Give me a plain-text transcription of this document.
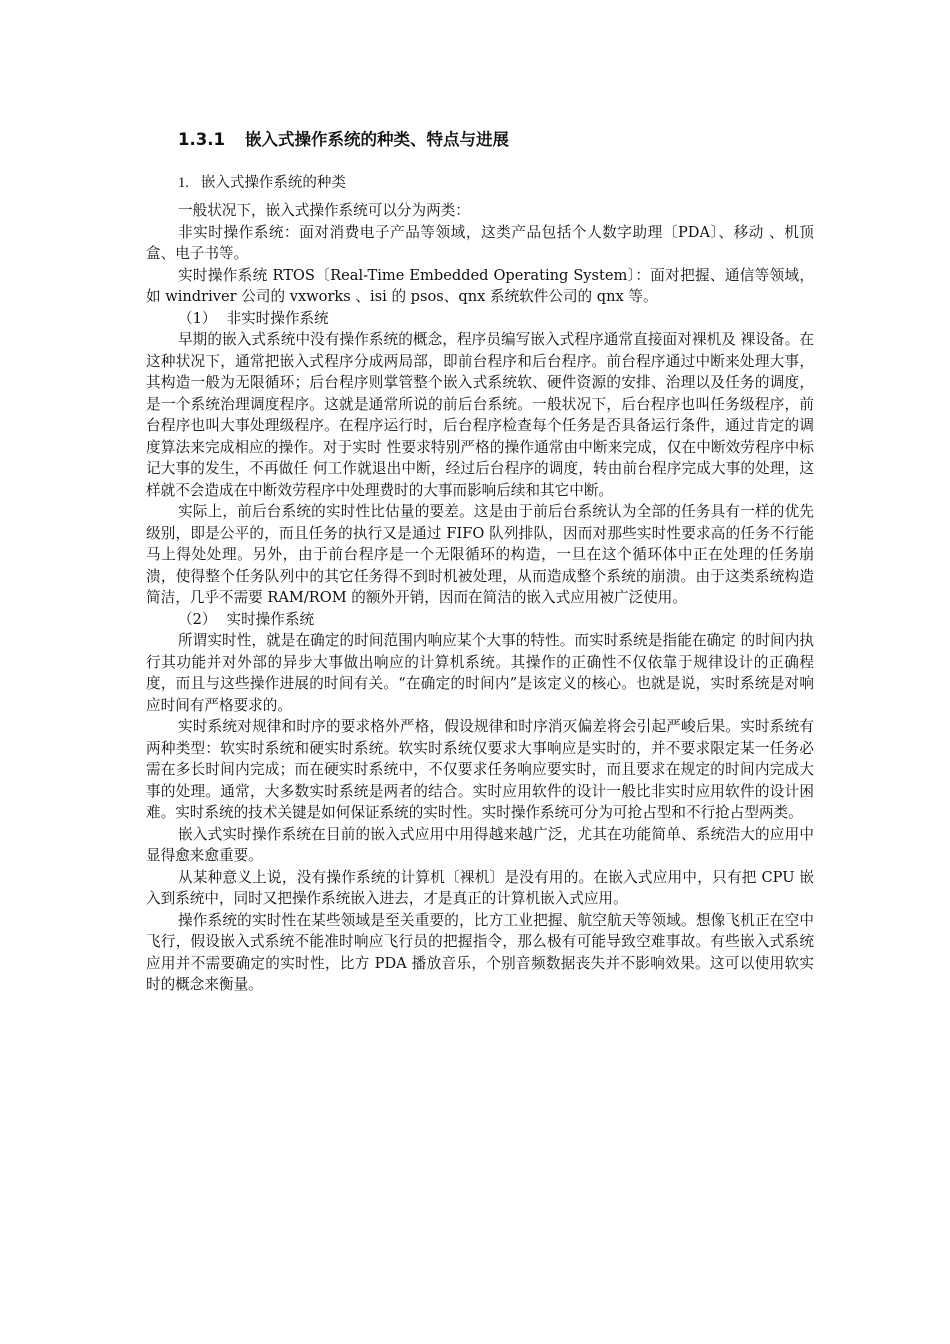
1.3.1 嵌入式操作系统的种类、特点与进展
1. 嵌入式操作系统的种类

一般状况下，嵌入式操作系统可以分为两类：

非实时操作系统：面对消费电子产品等领域，这类产品包括个人数字助理〔PDA〕、移动 、机顶盒、电子书等。

实时操作系统 RTOS〔Real-Time Embedded Operating System〕：面对把握、通信等领域， 如 windriver 公司的 vxworks 、isi 的 psos、qnx 系统软件公司的 qnx 等。

（1） 非实时操作系统

早期的嵌入式系统中没有操作系统的概念，程序员编写嵌入式程序通常直接面对裸机及 裸设备。在这种状况下，通常把嵌入式程序分成两局部，即前台程序和后台程序。前台程序通过中断来处理大事，其构造一般为无限循环；后台程序则掌管整个嵌入式系统软、硬件资源的安排、治理以及任务的调度，是一个系统治理调度程序。这就是通常所说的前后台系统。一般状况下，后台程序也叫任务级程序，前台程序也叫大事处理级程序。在程序运行时，后台程序检查每个任务是否具备运行条件，通过肯定的调度算法来完成相应的操作。对于实时 性要求特别严格的操作通常由中断来完成，仅在中断效劳程序中标记大事的发生，不再做任 何工作就退出中断，经过后台程序的调度，转由前台程序完成大事的处理，这样就不会造成在中断效劳程序中处理费时的大事而影响后续和其它中断。

实际上，前后台系统的实时性比估量的要差。这是由于前后台系统认为全部的任务具有一样的优先级别，即是公平的，而且任务的执行又是通过 FIFO 队列排队，因而对那些实时性要求高的任务不行能马上得处处理。另外，由于前台程序是一个无限循环的构造，一旦在这个循环体中正在处理的任务崩溃，使得整个任务队列中的其它任务得不到时机被处理，从而造成整个系统的崩溃。由于这类系统构造简洁，几乎不需要 RAM/ROM 的额外开销，因而在简洁的嵌入式应用被广泛使用。

（2） 实时操作系统

所谓实时性，就是在确定的时间范围内响应某个大事的特性。而实时系统是指能在确定 的时间内执行其功能并对外部的异步大事做出响应的计算机系统。其操作的正确性不仅依靠于规律设计的正确程度，而且与这些操作进展的时间有关。“在确定的时间内”是该定义的核心。也就是说，实时系统是对响应时间有严格要求的。

实时系统对规律和时序的要求格外严格，假设规律和时序消灭偏差将会引起严峻后果。实时系统有两种类型：软实时系统和硬实时系统。软实时系统仅要求大事响应是实时的，并不要求限定某一任务必需在多长时间内完成；而在硬实时系统中，不仅要求任务响应要实时，而且要求在规定的时间内完成大事的处理。通常，大多数实时系统是两者的结合。实时应用软件的设计一般比非实时应用软件的设计困难。实时系统的技术关键是如何保证系统的实时性。实时操作系统可分为可抢占型和不行抢占型两类。

嵌入式实时操作系统在目前的嵌入式应用中用得越来越广泛，尤其在功能简单、系统浩大的应用中显得愈来愈重要。

从某种意义上说，没有操作系统的计算机〔裸机〕是没有用的。在嵌入式应用中，只有把 CPU 嵌入到系统中，同时又把操作系统嵌入进去，才是真正的计算机嵌入式应用。

操作系统的实时性在某些领域是至关重要的，比方工业把握、航空航天等领域。想像飞机正在空中飞行，假设嵌入式系统不能准时响应飞行员的把握指令，那么极有可能导致空难事故。有些嵌入式系统应用并不需要确定的实时性，比方 PDA 播放音乐，个别音频数据丧失并不影响效果。这可以使用软实时的概念来衡量。
